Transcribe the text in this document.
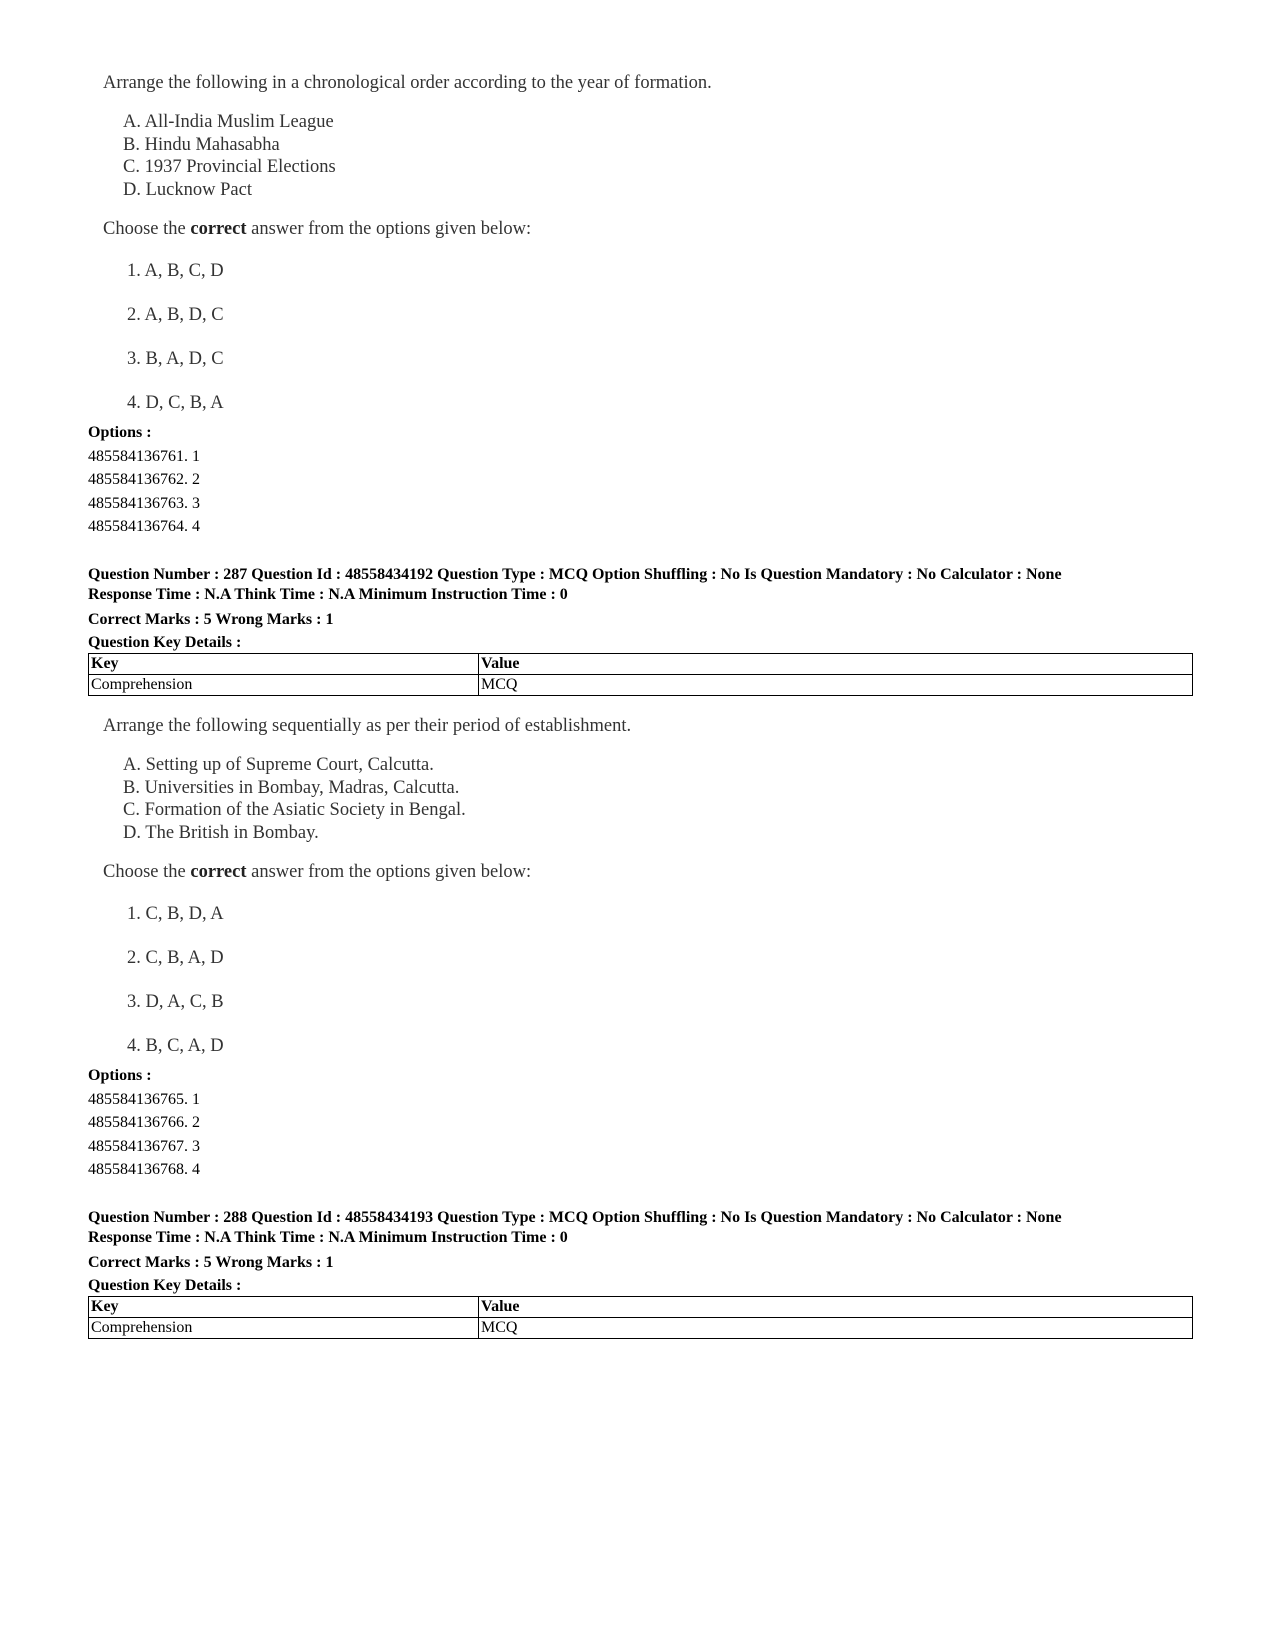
Arrange the following in a chronological order according to the year of formation.

A. All-India Muslim League
B. Hindu Mahasabha
C. 1937 Provincial Elections
D. Lucknow Pact

Choose the correct answer from the options given below:

1. A, B, C, D
2. A, B, D, C
3. B, A, D, C
4. D, C, B, A
Options :
485584136761. 1
485584136762. 2
485584136763. 3
485584136764. 4
Question Number : 287 Question Id : 48558434192 Question Type : MCQ Option Shuffling : No Is Question Mandatory : No Calculator : None
Response Time : N.A Think Time : N.A Minimum Instruction Time : 0
Correct Marks : 5 Wrong Marks : 1
Question Key Details :
Key	Value
Comprehension	MCQ

Arrange the following sequentially as per their period of establishment.

A. Setting up of Supreme Court, Calcutta.
B. Universities in Bombay, Madras, Calcutta.
C. Formation of the Asiatic Society in Bengal.
D. The British in Bombay.

Choose the correct answer from the options given below:

1. C, B, D, A
2. C, B, A, D
3. D, A, C, B
4. B, C, A, D
Options :
485584136765. 1
485584136766. 2
485584136767. 3
485584136768. 4
Question Number : 288 Question Id : 48558434193 Question Type : MCQ Option Shuffling : No Is Question Mandatory : No Calculator : None
Response Time : N.A Think Time : N.A Minimum Instruction Time : 0
Correct Marks : 5 Wrong Marks : 1
Question Key Details :
Key	Value
Comprehension	MCQ
